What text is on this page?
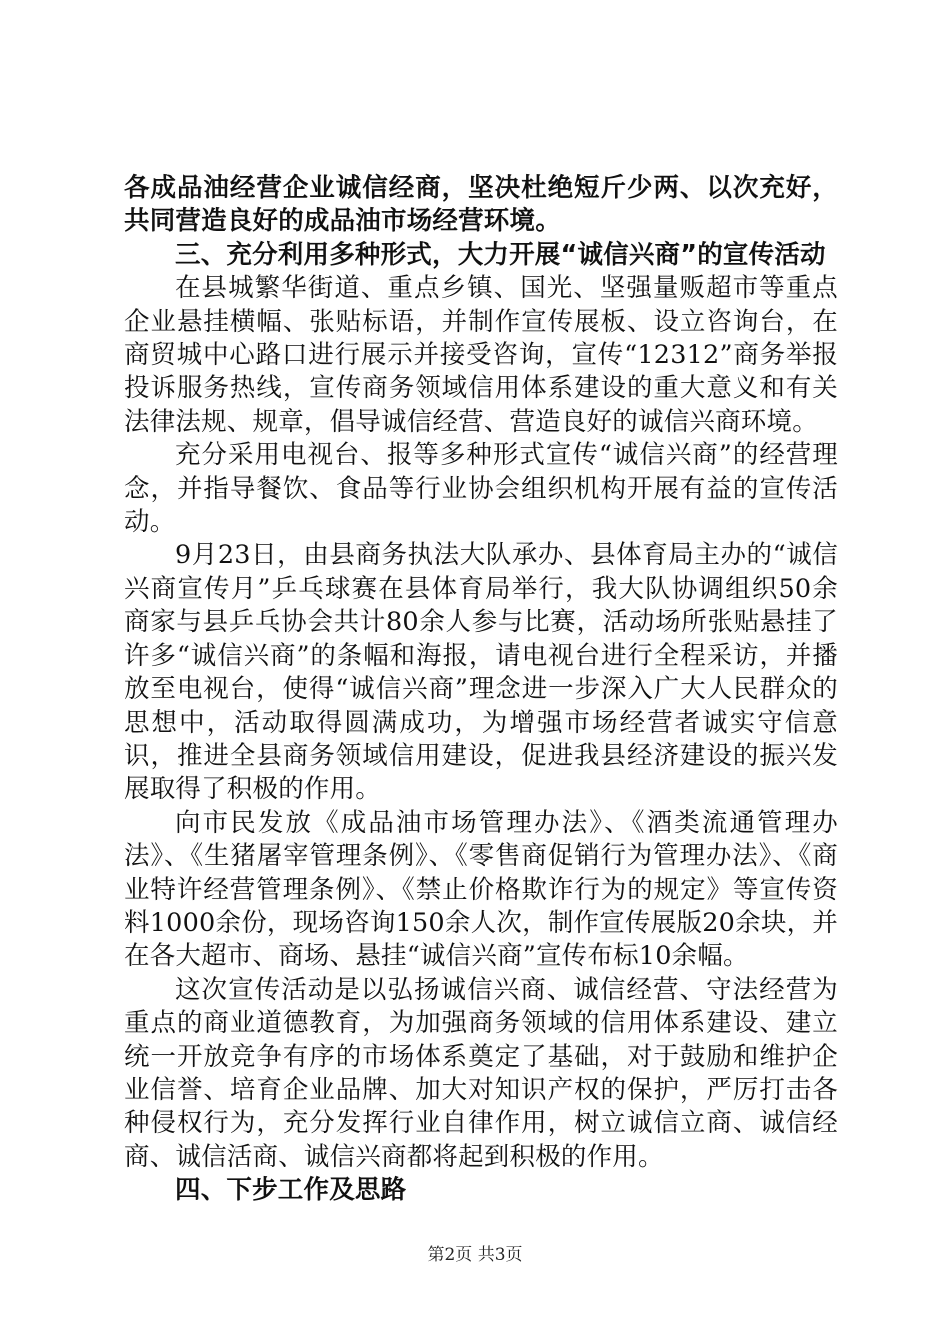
各成品油经营企业诚信经商，坚决杜绝短斤少两、以次充好，共同营造良好的成品油市场经营环境。

三、充分利用多种形式，大力开展“诚信兴商”的宣传活动

在县城繁华街道、重点乡镇、国光、坚强量贩超市等重点企业悬挂横幅、张贴标语，并制作宣传展板、设立咨询台，在商贸城中心路口进行展示并接受咨询，宣传“12312”商务举报投诉服务热线，宣传商务领域信用体系建设的重大意义和有关法律法规、规章，倡导诚信经营、营造良好的诚信兴商环境。

充分采用电视台、报等多种形式宣传“诚信兴商”的经营理念，并指导餐饮、食品等行业协会组织机构开展有益的宣传活动。

9月23日，由县商务执法大队承办、县体育局主办的“诚信兴商宣传月”乒乓球赛在县体育局举行，我大队协调组织50余商家与县乒乓协会共计80余人参与比赛，活动场所张贴悬挂了许多“诚信兴商”的条幅和海报，请电视台进行全程采访，并播放至电视台，使得“诚信兴商”理念进一步深入广大人民群众的思想中，活动取得圆满成功，为增强市场经营者诚实守信意识，推进全县商务领域信用建设，促进我县经济建设的振兴发展取得了积极的作用。

向市民发放《成品油市场管理办法》、《酒类流通管理办法》、《生猪屠宰管理条例》、《零售商促销行为管理办法》、《商业特许经营管理条例》、《禁止价格欺诈行为的规定》等宣传资料1000余份，现场咨询150余人次，制作宣传展版20余块，并在各大超市、商场、悬挂“诚信兴商”宣传布标10余幅。

这次宣传活动是以弘扬诚信兴商、诚信经营、守法经营为重点的商业道德教育，为加强商务领域的信用体系建设、建立统一开放竞争有序的市场体系奠定了基础，对于鼓励和维护企业信誉、培育企业品牌、加大对知识产权的保护，严厉打击各种侵权行为，充分发挥行业自律作用，树立诚信立商、诚信经商、诚信活商、诚信兴商都将起到积极的作用。

四、下步工作及思路

第2页 共3页
